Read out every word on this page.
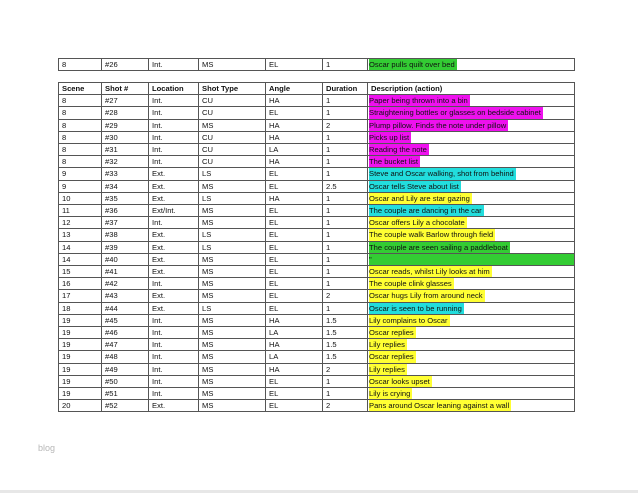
8	#26	Int.	MS	EL	1	Oscar pulls quilt over bed
Scene	Shot #	Location	Shot Type	Angle	Duration	Description (action)
8	#27	Int.	CU	HA	1	Paper being thrown into a bin
8	#28	Int.	CU	EL	1	Straightening bottles or glasses on bedside cabinet
8	#29	Int.	MS	HA	2	Plump pillow. Finds the note under pillow
8	#30	Int.	CU	HA	1	Picks up list
8	#31	Int.	CU	LA	1	Reading the note
8	#32	Int.	CU	HA	1	The bucket list
9	#33	Ext.	LS	EL	1	Steve and Oscar walking, shot from behind
9	#34	Ext.	MS	EL	2.5	Oscar tells Steve about list
10	#35	Ext.	LS	HA	1	Oscar and Lily are star gazing
11	#36	Ext/Int.	MS	EL	1	The couple are dancing in the car
12	#37	Int.	MS	EL	1	Oscar offers Lily a chocolate
13	#38	Ext.	LS	EL	1	The couple walk Barlow through field
14	#39	Ext.	LS	EL	1	The couple are seen sailing a paddleboat
14	#40	Ext.	MS	EL	1	"
15	#41	Ext.	MS	EL	1	Oscar reads, whilst Lily looks at him
16	#42	Int.	MS	EL	1	The couple clink glasses
17	#43	Ext.	MS	EL	2	Oscar hugs Lily from around neck
18	#44	Ext.	LS	EL	1	Oscar is seen to be running
19	#45	Int.	MS	HA	1.5	Lily complains to Oscar
19	#46	Int.	MS	LA	1.5	Oscar replies
19	#47	Int.	MS	HA	1.5	Lily replies
19	#48	Int.	MS	LA	1.5	Oscar replies
19	#49	Int.	MS	HA	2	Lily replies
19	#50	Int.	MS	EL	1	Oscar looks upset
19	#51	Int.	MS	EL	1	Lily is crying
20	#52	Ext.	MS	EL	2	Pans around Oscar leaning against a wall
blog
